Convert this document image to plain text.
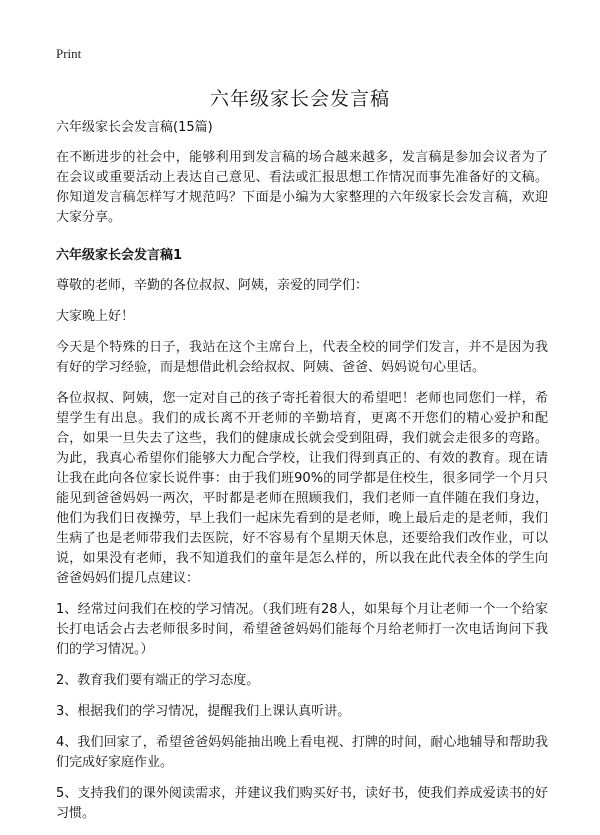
Print
六年级家长会发言稿

六年级家长会发言稿(15篇)

在不断进步的社会中，能够利用到发言稿的场合越来越多，发言稿是参加会议者为了在会议或重要活动上表达自己意见、看法或汇报思想工作情况而事先准备好的文稿。你知道发言稿怎样写才规范吗？下面是小编为大家整理的六年级家长会发言稿，欢迎大家分享。

六年级家长会发言稿1

尊敬的老师，辛勤的各位叔叔、阿姨，亲爱的同学们：

大家晚上好！

今天是个特殊的日子，我站在这个主席台上，代表全校的同学们发言，并不是因为我有好的学习经验，而是想借此机会给叔叔、阿姨、爸爸、妈妈说句心里话。

各位叔叔、阿姨，您一定对自己的孩子寄托着很大的希望吧！老师也同您们一样，希望学生有出息。我们的成长离不开老师的辛勤培育，更离不开您们的精心爱护和配合，如果一旦失去了这些，我们的健康成长就会受到阻碍，我们就会走很多的弯路。为此，我真心希望你们能够大力配合学校，让我们得到真正的、有效的教育。现在请让我在此向各位家长说件事：由于我们班90%的同学都是住校生，很多同学一个月只能见到爸爸妈妈一两次，平时都是老师在照顾我们，我们老师一直伴随在我们身边，他们为我们日夜操劳，早上我们一起床先看到的是老师，晚上最后走的是老师，我们生病了也是老师带我们去医院，好不容易有个星期天休息，还要给我们改作业，可以说，如果没有老师，我不知道我们的童年是怎么样的，所以我在此代表全体的学生向爸爸妈妈们提几点建议：

1、经常过问我们在校的学习情况。（我们班有28人，如果每个月让老师一个一个给家长打电话会占去老师很多时间，希望爸爸妈妈们能每个月给老师打一次电话询问下我们的学习情况。）

2、教育我们要有端正的学习态度。

3、根据我们的学习情况，提醒我们上课认真听讲。

4、我们回家了，希望爸爸妈妈能抽出晚上看电视、打牌的时间，耐心地辅导和帮助我们完成好家庭作业。

5、支持我们的课外阅读需求，并建议我们购买好书，读好书，使我们养成爱读书的好习惯。
